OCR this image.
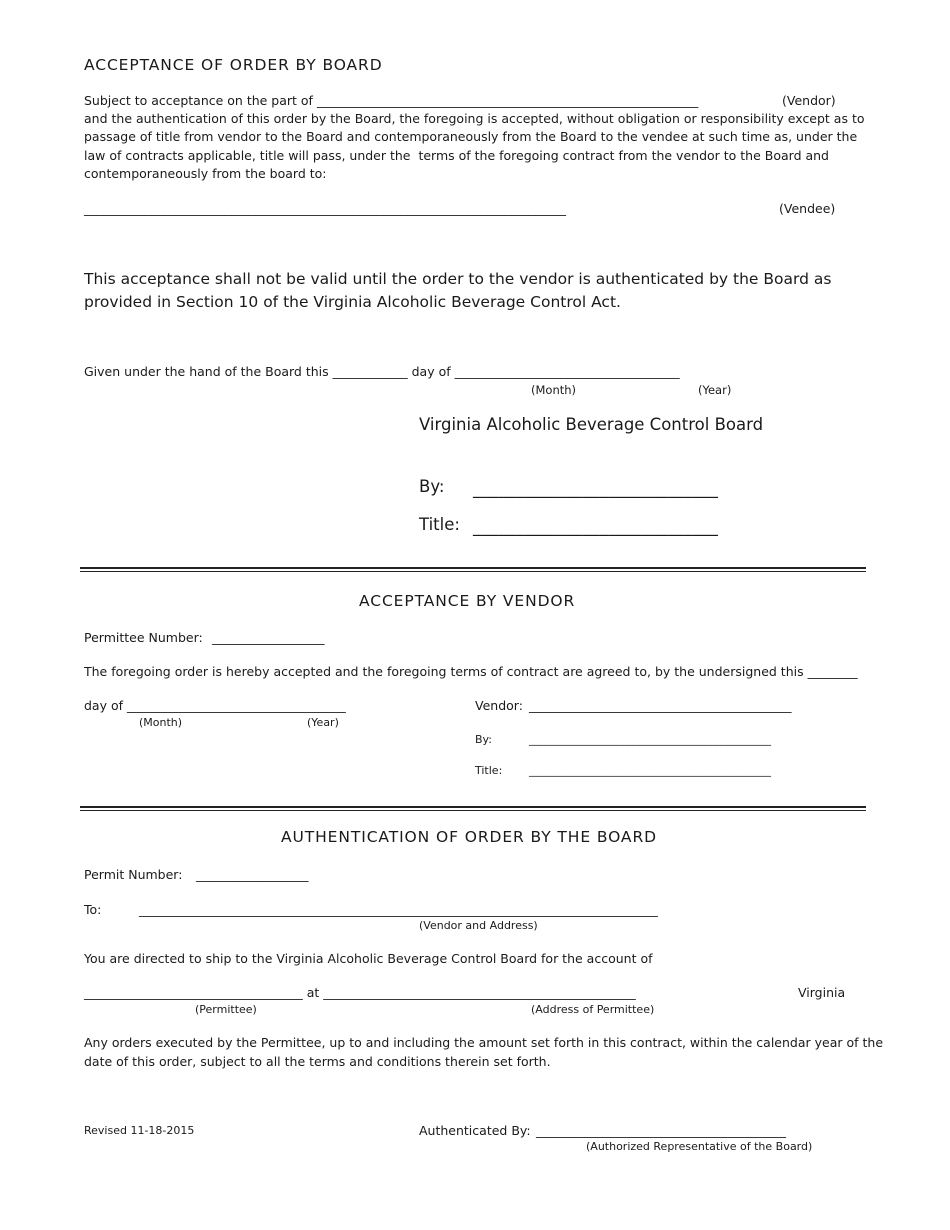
ACCEPTANCE OF ORDER BY BOARD
Subject to acceptance on the part of _____________________________________________________________	(Vendor)
and the authentication of this order by the Board, the foregoing is accepted, without obligation or responsibility except as to
passage of title from vendor to the Board and contemporaneously from the Board to the vendee at such time as, under the
law of contracts applicable, title will pass, under the  terms of the foregoing contract from the vendor to the Board and
contemporaneously from the board to:
_______________________________________________________________________________	(Vendee)
This acceptance shall not be valid until the order to the vendor is authenticated by the Board as
provided in Section 10 of the Virginia Alcoholic Beverage Control Act.
Given under the hand of the Board this ____________ day of ____________________________________
(Month)	(Year)
Virginia Alcoholic Beverage Control Board
By: _____________________________
Title: _____________________________
ACCEPTANCE BY VENDOR
Permittee Number: __________________
The foregoing order is hereby accepted and the foregoing terms of contract are agreed to, by the undersigned this ________
day of ___________________________________
(Month)	(Year)
Vendor: __________________________________________
By:	____________________________________________
Title: ____________________________________________
AUTHENTICATION OF ORDER BY THE BOARD
Permit Number: __________________
To:	___________________________________________________________________________________
(Vendor and Address)
You are directed to ship to the Virginia Alcoholic Beverage Control Board for the account of
___________________________________ at __________________________________________________	Virginia
(Permittee)	(Address of Permittee)
Any orders executed by the Permittee, up to and including the amount set forth in this contract, within the calendar year of the
date of this order, subject to all the terms and conditions therein set forth.
Revised 11-18-2015	Authenticated By: ________________________________________
(Authorized Representative of the Board)
